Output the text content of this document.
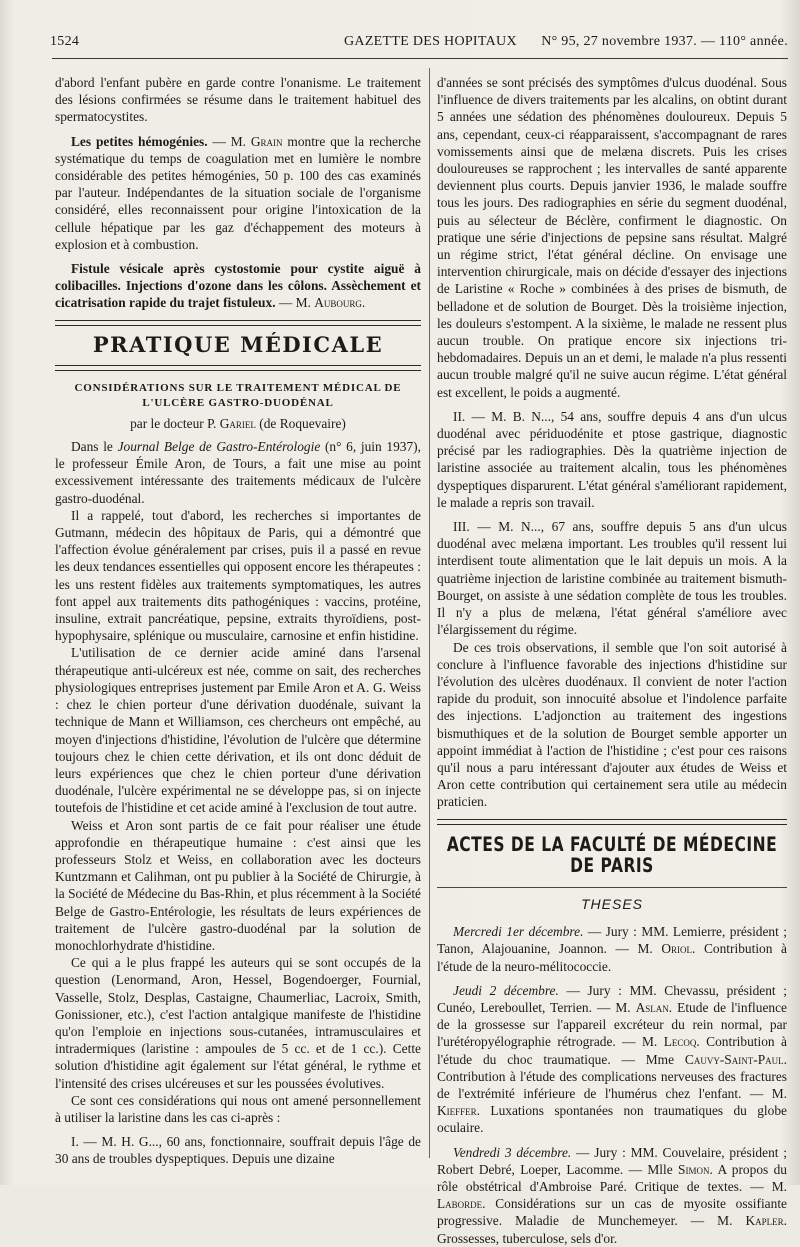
1524	GAZETTE DES HOPITAUX N° 95, 27 novembre 1937. — 110° année.

d'abord l'enfant pubère en garde contre l'onanisme. Le traitement des lésions confirmées se résume dans le traitement habituel des spermatocystites.

Les petites hémogénies. — M. Grain montre que la recherche systématique du temps de coagulation met en lumière le nombre considérable des petites hémogénies, 50 p. 100 des cas examinés par l'auteur. Indépendantes de la situation sociale de l'organisme considéré, elles reconnaissent pour origine l'intoxication de la cellule hépatique par les gaz d'échappement des moteurs à explosion et à combustion.

Fistule vésicale après cystostomie pour cystite aiguë à colibacilles. Injections d'ozone dans les côlons. Assèchement et cicatrisation rapide du trajet fistuleux. — M. Aubourg.

PRATIQUE MÉDICALE
CONSIDÉRATIONS SUR LE TRAITEMENT MÉDICAL DE L'ULCÈRE GASTRO-DUODÉNAL
par le docteur P. Gariel (de Roquevaire)

Dans le Journal Belge de Gastro-Entérologie (n° 6, juin 1937), le professeur Émile Aron, de Tours, a fait une mise au point excessivement intéressante des traitements médicaux de l'ulcère gastro-duodénal.

Il a rappelé, tout d'abord, les recherches si importantes de Gutmann, médecin des hôpitaux de Paris, qui a démontré que l'affection évolue généralement par crises, puis il a passé en revue les deux tendances essentielles qui opposent encore les thérapeutes : les uns restent fidèles aux traitements symptomatiques, les autres font appel aux traitements dits pathogéniques : vaccins, protéine, insuline, extrait pancréatique, pepsine, extraits thyroïdiens, post-hypophysaire, splénique ou musculaire, carnosine et enfin histidine.

L'utilisation de ce dernier acide aminé dans l'arsenal thérapeutique anti-ulcéreux est née, comme on sait, des recherches physiologiques entreprises justement par Emile Aron et A. G. Weiss : chez le chien porteur d'une dérivation duodénale, suivant la technique de Mann et Williamson, ces chercheurs ont empêché, au moyen d'injections d'histidine, l'évolution de l'ulcère que détermine toujours chez le chien cette dérivation, et ils ont donc déduit de leurs expériences que chez le chien porteur d'une dérivation duodénale, l'ulcère expérimental ne se développe pas, si on injecte toutefois de l'histidine et cet acide aminé à l'exclusion de tout autre.

Weiss et Aron sont partis de ce fait pour réaliser une étude approfondie en thérapeutique humaine : c'est ainsi que les professeurs Stolz et Weiss, en collaboration avec les docteurs Kuntzmann et Calihman, ont pu publier à la Société de Chirurgie, à la Société de Médecine du Bas-Rhin, et plus récemment à la Société Belge de Gastro-Entérologie, les résultats de leurs expériences de traitement de l'ulcère gastro-duodénal par la solution de monochlorhydrate d'histidine.

Ce qui a le plus frappé les auteurs qui se sont occupés de la question (Lenormand, Aron, Hessel, Bogendoerger, Fournial, Vasselle, Stolz, Desplas, Castaigne, Chaumerliac, Lacroix, Smith, Gonissioner, etc.), c'est l'action antalgique manifeste de l'histidine qu'on l'emploie en injections sous-cutanées, intramusculaires et intradermiques (laristine : ampoules de 5 cc. et de 1 cc.). Cette solution d'histidine agit également sur l'état général, le rythme et l'intensité des crises ulcéreuses et sur les poussées évolutives.

Ce sont ces considérations qui nous ont amené personnellement à utiliser la laristine dans les cas ci-après :

I. — M. H. G..., 60 ans, fonctionnaire, souffrait depuis l'âge de 30 ans de troubles dyspeptiques. Depuis une dizaine

d'années se sont précisés des symptômes d'ulcus duodénal. Sous l'influence de divers traitements par les alcalins, on obtint durant 5 années une sédation des phénomènes douloureux. Depuis 5 ans, cependant, ceux-ci réapparaissent, s'accompagnant de rares vomissements ainsi que de melæna discrets. Puis les crises douloureuses se rapprochent ; les intervalles de santé apparente deviennent plus courts. Depuis janvier 1936, le malade souffre tous les jours. Des radiographies en série du segment duodénal, puis au sélecteur de Béclère, confirment le diagnostic. On pratique une série d'injections de pepsine sans résultat. Malgré un régime strict, l'état général décline. On envisage une intervention chirurgicale, mais on décide d'essayer des injections de Laristine « Roche » combinées à des prises de bismuth, de belladone et de solution de Bourget. Dès la troisième injection, les douleurs s'estompent. A la sixième, le malade ne ressent plus aucun trouble. On pratique encore six injections tri-hebdomadaires. Depuis un an et demi, le malade n'a plus ressenti aucun trouble malgré qu'il ne suive aucun régime. L'état général est excellent, le poids a augmenté.

II. — M. B. N..., 54 ans, souffre depuis 4 ans d'un ulcus duodénal avec périduodénite et ptose gastrique, diagnostic précisé par les radiographies. Dès la quatrième injection de laristine associée au traitement alcalin, tous les phénomènes dyspeptiques disparurent. L'état général s'améliorant rapidement, le malade a repris son travail.

III. — M. N..., 67 ans, souffre depuis 5 ans d'un ulcus duodénal avec melæna important. Les troubles qu'il ressent lui interdisent toute alimentation que le lait depuis un mois. A la quatrième injection de laristine combinée au traitement bismuth-Bourget, on assiste à une sédation complète de tous les troubles. Il n'y a plus de melæna, l'état général s'améliore avec l'élargissement du régime.

De ces trois observations, il semble que l'on soit autorisé à conclure à l'influence favorable des injections d'histidine sur l'évolution des ulcères duodénaux. Il convient de noter l'action rapide du produit, son innocuité absolue et l'indolence parfaite des injections. L'adjonction au traitement des ingestions bismuthiques et de la solution de Bourget semble apporter un appoint immédiat à l'action de l'histidine ; c'est pour ces raisons qu'il nous a paru intéressant d'ajouter aux études de Weiss et Aron cette contribution qui certainement sera utile au médecin praticien.

ACTES DE LA FACULTÉ DE MÉDECINE DE PARIS
THESES

Mercredi 1er décembre. — Jury : MM. Lemierre, président ; Tanon, Alajouanine, Joannon. — M. Oriol. Contribution à l'étude de la neuro-mélitococcie.

Jeudi 2 décembre. — Jury : MM. Chevassu, président ; Cunéo, Lereboullet, Terrien. — M. Aslan. Etude de l'influence de la grossesse sur l'appareil excréteur du rein normal, par l'urétéropyélographie rétrograde. — M. Lecoq. Contribution à l'étude du choc traumatique. — Mme Cauvy-Saint-Paul. Contribution à l'étude des complications nerveuses des fractures de l'extrémité inférieure de l'humérus chez l'enfant. — M. Kieffer. Luxations spontanées non traumatiques du globe oculaire.

Vendredi 3 décembre. — Jury : MM. Couvelaire, président ; Robert Debré, Loeper, Lacomme. — Mlle Simon. A propos du rôle obstétrical d'Ambroise Paré. Critique de textes. — M. Laborde. Considérations sur un cas de myosite ossifiante progressive. Maladie de Munchemeyer. — M. Kapler. Grossesses, tuberculose, sels d'or.
